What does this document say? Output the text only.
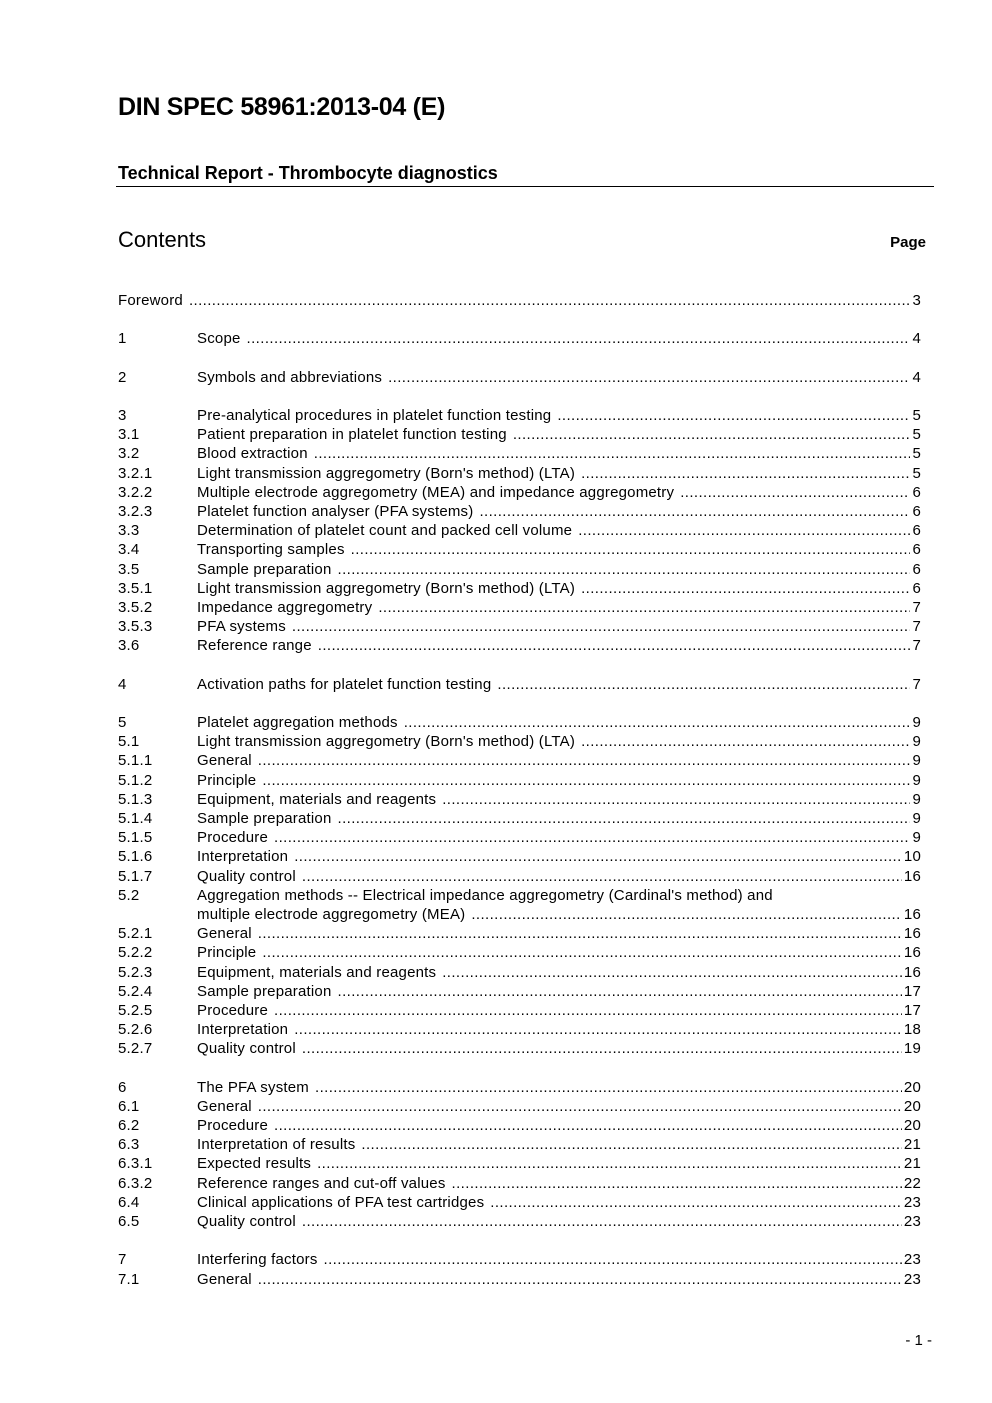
DIN SPEC 58961:2013-04 (E)
Technical Report - Thrombocyte diagnostics
Contents	Page
Foreword .....	3
1	Scope .....	4
2	Symbols and abbreviations .....	4
3	Pre-analytical procedures in platelet function testing .....	5
3.1	Patient preparation in platelet function testing .....	5
3.2	Blood extraction .....	5
3.2.1	Light transmission aggregometry (Born's method) (LTA) .....	5
3.2.2	Multiple electrode aggregometry (MEA) and impedance aggregometry .....	6
3.2.3	Platelet function analyser (PFA systems) .....	6
3.3	Determination of platelet count and packed cell volume .....	6
3.4	Transporting samples .....	6
3.5	Sample preparation .....	6
3.5.1	Light transmission aggregometry (Born's method) (LTA) .....	6
3.5.2	Impedance aggregometry .....	7
3.5.3	PFA systems .....	7
3.6	Reference range .....	7
4	Activation paths for platelet function testing .....	7
5	Platelet aggregation methods .....	9
5.1	Light transmission aggregometry (Born's method) (LTA) .....	9
5.1.1	General .....	9
5.1.2	Principle .....	9
5.1.3	Equipment, materials and reagents .....	9
5.1.4	Sample preparation .....	9
5.1.5	Procedure .....	9
5.1.6	Interpretation .....	10
5.1.7	Quality control .....	16
5.2	Aggregation methods -- Electrical impedance aggregometry (Cardinal's method) and
multiple electrode aggregometry (MEA) .....	16
5.2.1	General .....	16
5.2.2	Principle .....	16
5.2.3	Equipment, materials and reagents .....	16
5.2.4	Sample preparation .....	17
5.2.5	Procedure .....	17
5.2.6	Interpretation .....	18
5.2.7	Quality control .....	19
6	The PFA system .....	20
6.1	General .....	20
6.2	Procedure .....	20
6.3	Interpretation of results .....	21
6.3.1	Expected results .....	21
6.3.2	Reference ranges and cut-off values .....	22
6.4	Clinical applications of PFA test cartridges .....	23
6.5	Quality control .....	23
7	Interfering factors .....	23
7.1	General .....	23
- 1 -
